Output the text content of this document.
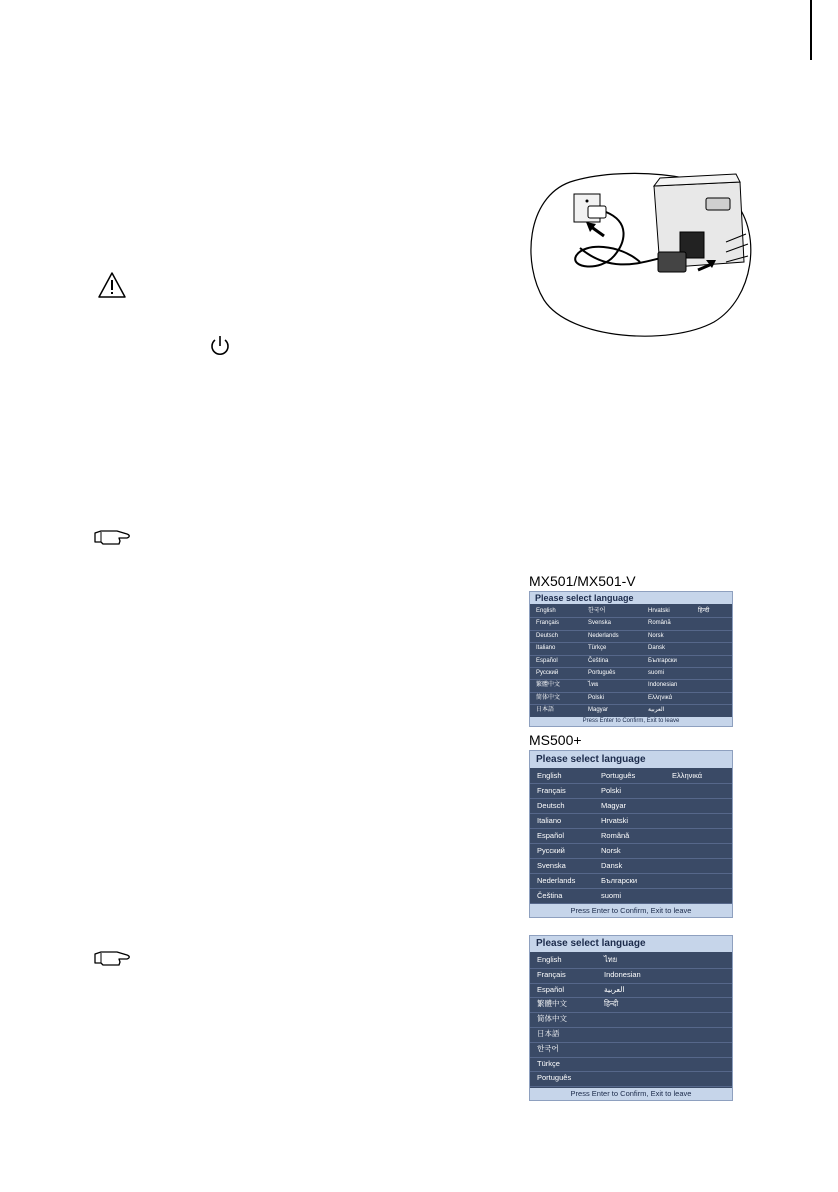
MX501/MX501-V
MS500+
Please select language
English	한국어	Hrvatski	हिन्दी
Français	Svenska	Română
Deutsch	Nederlands	Norsk
Italiano	Türkçe	Dansk
Español	Čeština	Български
Русский	Português	suomi
繁體中文	ไทย	Indonesian
简体中文	Polski	Ελληνικά
日本語	Magyar	العربية
Press Enter to Confirm, Exit to leave
Please select language
English	Português	Ελληνικά
Français	Polski
Deutsch	Magyar
Italiano	Hrvatski
Español	Română
Русский	Norsk
Svenska	Dansk
Nederlands	Български
Čeština	suomi
Press Enter to Confirm, Exit to leave
Please select language
English	ไทย
Français	Indonesian
Español	العربية
繁體中文	हिन्दी
简体中文
日本語
한국어
Türkçe
Português
Press Enter to Confirm, Exit to leave
